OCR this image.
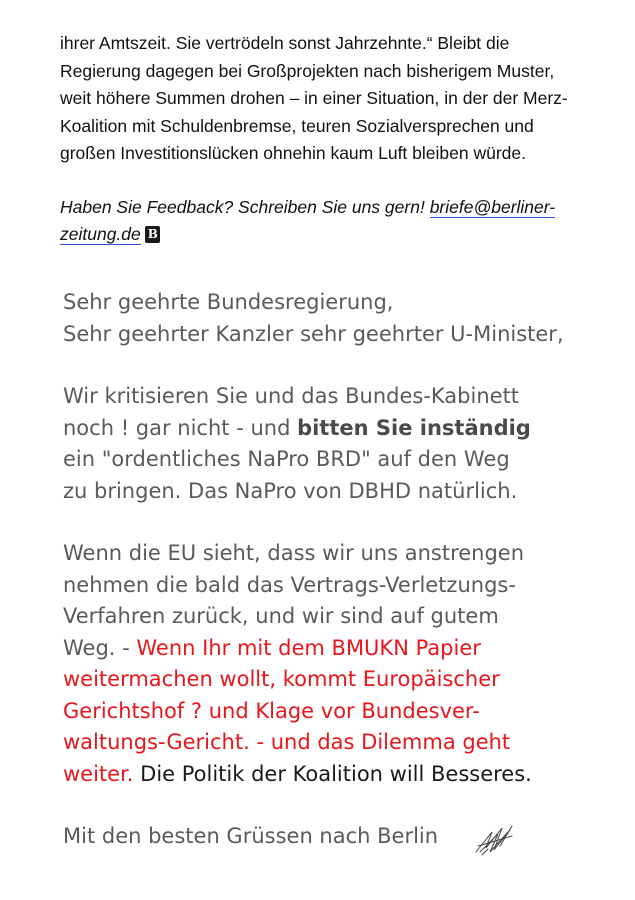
ihrer Amtszeit. Sie vertrödeln sonst Jahrzehnte.“ Bleibt die
Regierung dagegen bei Großprojekten nach bisherigem Muster,
weit höhere Summen drohen – in einer Situation, in der der Merz-
Koalition mit Schuldenbremse, teuren Sozialversprechen und
großen Investitionslücken ohnehin kaum Luft bleiben würde.

Haben Sie Feedback? Schreiben Sie uns gern! briefe@berliner-
zeitung.deB

Sehr geehrte Bundesregierung,
Sehr geehrter Kanzler sehr geehrter U-Minister,

Wir kritisieren Sie und das Bundes-Kabinett
noch ! gar nicht - und bitten Sie inständig
ein "ordentliches NaPro BRD" auf den Weg
zu bringen. Das NaPro von DBHD natürlich.

Wenn die EU sieht, dass wir uns anstrengen
nehmen die bald das Vertrags-Verletzungs-
Verfahren zurück, und wir sind auf gutem
Weg. - Wenn Ihr mit dem BMUKN Papier
weitermachen wollt, kommt Europäischer
Gerichtshof ? und Klage vor Bundesver-
waltungs-Gericht. - und das Dilemma geht
weiter. Die Politik der Koalition will Besseres.

Mit den besten Grüssen nach Berlin
